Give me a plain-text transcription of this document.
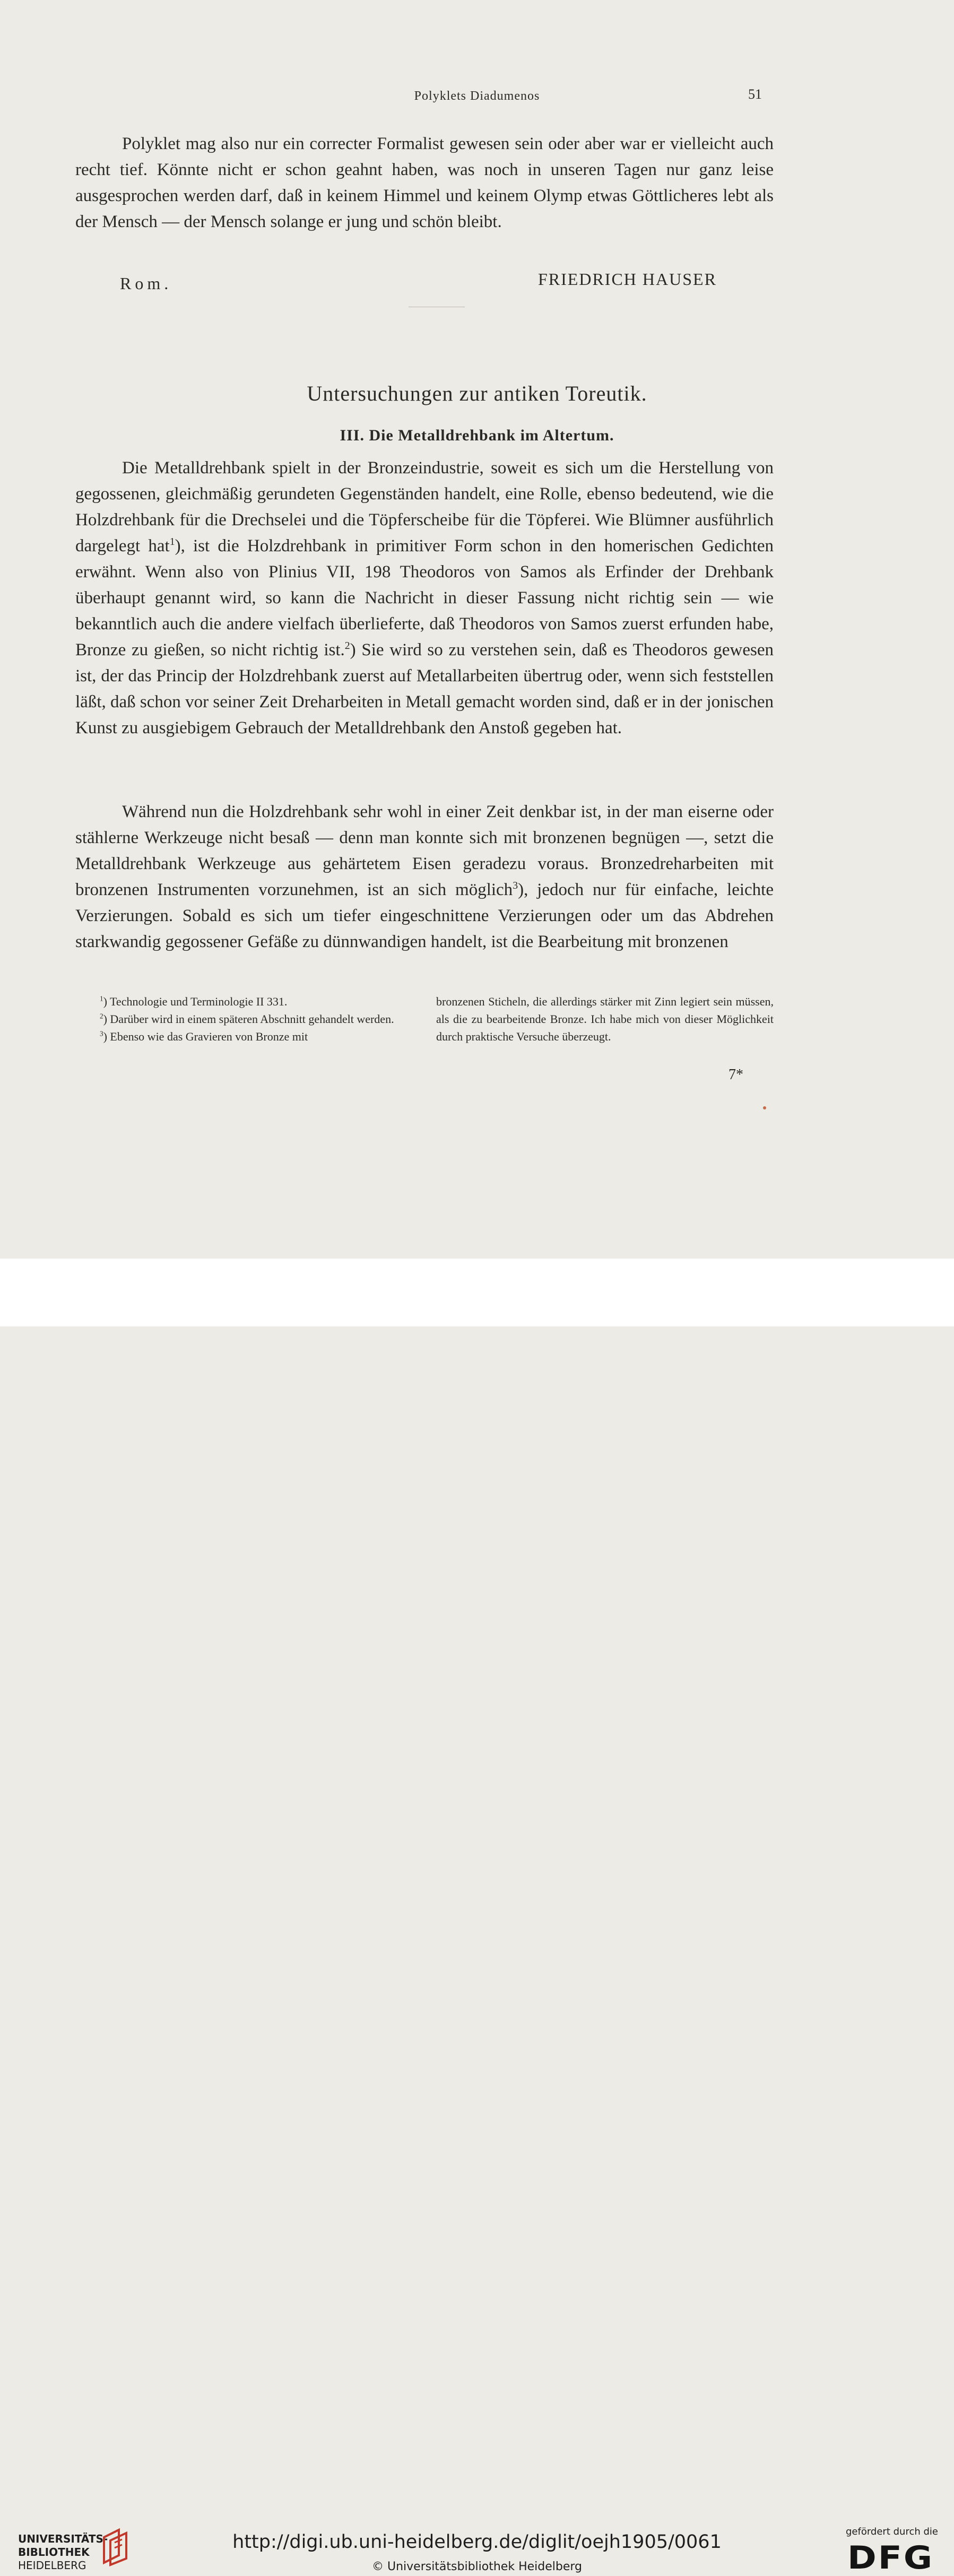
Polyklets Diadumenos	51

Polyklet mag also nur ein correcter Formalist gewesen sein oder aber war er vielleicht auch recht tief. Könnte nicht er schon geahnt haben, was noch in unseren Tagen nur ganz leise ausgesprochen werden darf, daß in keinem Himmel und keinem Olymp etwas Göttlicheres lebt als der Mensch — der Mensch solange er jung und schön bleibt.

Rom.	FRIEDRICH HAUSER
Untersuchungen zur antiken Toreutik.
III. Die Metalldrehbank im Altertum.

Die Metalldrehbank spielt in der Bronzeindustrie, soweit es sich um die Herstellung von gegossenen, gleichmäßig gerundeten Gegenständen handelt, eine Rolle, ebenso bedeutend, wie die Holzdrehbank für die Drechselei und die Töpferscheibe für die Töpferei. Wie Blümner ausführlich dargelegt hat$^1$), ist die Holzdrehbank in primitiver Form schon in den homerischen Gedichten erwähnt. Wenn also von Plinius VII, 198 Theodoros von Samos als Erfinder der Drehbank überhaupt genannt wird, so kann die Nachricht in dieser Fassung nicht richtig sein — wie bekanntlich auch die andere vielfach überlieferte, daß Theodoros von Samos zuerst erfunden habe, Bronze zu gießen, so nicht richtig ist.$^2$) Sie wird so zu verstehen sein, daß es Theodoros gewesen ist, der das Princip der Holzdrehbank zuerst auf Metallarbeiten übertrug oder, wenn sich feststellen läßt, daß schon vor seiner Zeit Dreharbeiten in Metall gemacht worden sind, daß er in der jonischen Kunst zu ausgiebigem Gebrauch der Metalldrehbank den Anstoß gegeben hat.

Während nun die Holzdrehbank sehr wohl in einer Zeit denkbar ist, in der man eiserne oder stählerne Werkzeuge nicht besaß — denn man konnte sich mit bronzenen begnügen —, setzt die Metalldrehbank Werkzeuge aus gehärtetem Eisen geradezu voraus. Bronzedreharbeiten mit bronzenen Instrumenten vorzunehmen, ist an sich möglich$^3$), jedoch nur für einfache, leichte Verzierungen. Sobald es sich um tiefer eingeschnittene Verzierungen oder um das Abdrehen starkwandig gegossener Gefäße zu dünnwandigen handelt, ist die Bearbeitung mit bronzenen

$^1$) Technologie und Terminologie II 331.

$^2$) Darüber wird in einem späteren Abschnitt gehandelt werden.

$^3$) Ebenso wie das Gravieren von Bronze mit

bronzenen Sticheln, die allerdings stärker mit Zinn legiert sein müssen, als die zu bearbeitende Bronze. Ich habe mich von dieser Möglichkeit durch praktische Versuche überzeugt.

7*
UNIVERSITÄTS-
BIBLIOTHEK
HEIDELBERG
http://digi.ub.uni-heidelberg.de/diglit/oejh1905/0061
© Universitätsbibliothek Heidelberg
gefördert durch die
DFG
